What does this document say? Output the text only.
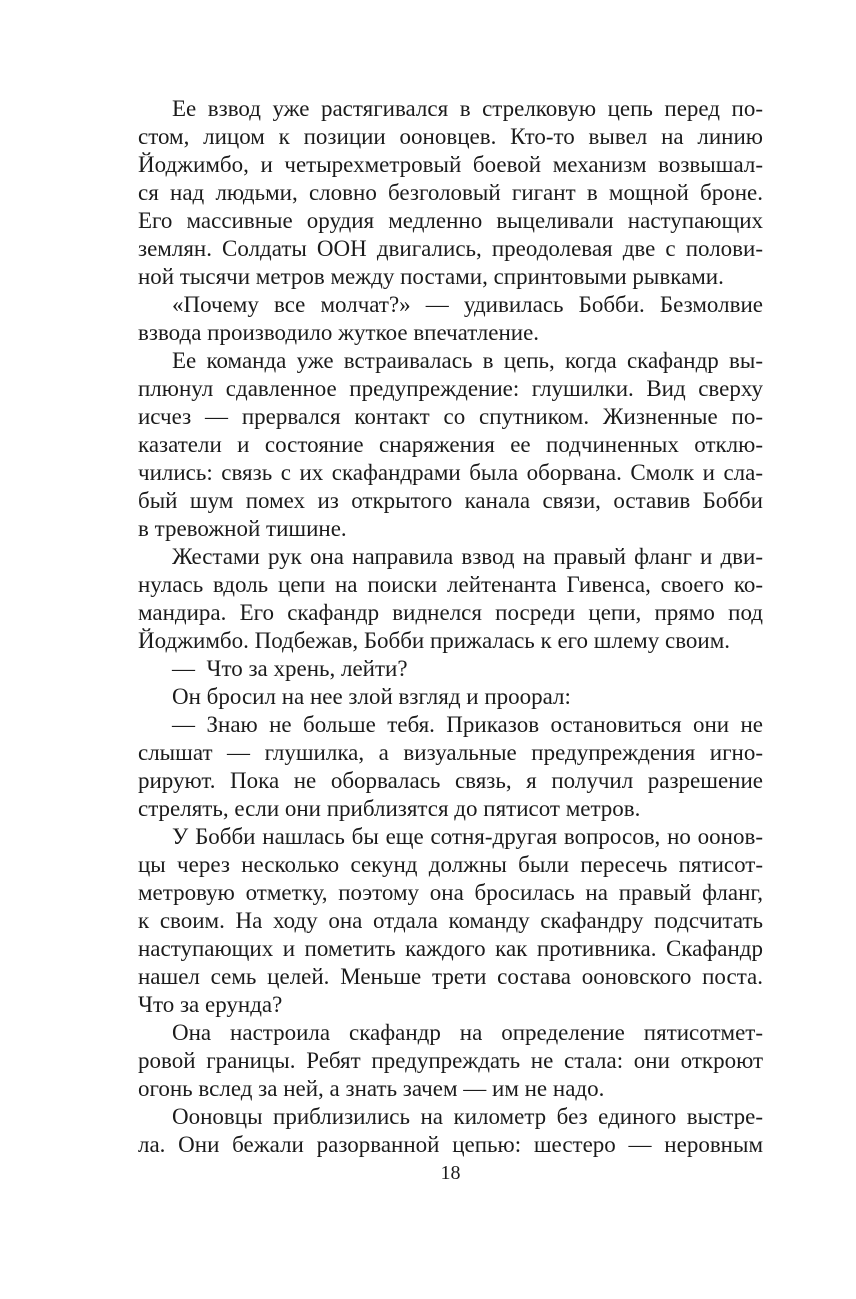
Ее взвод уже растягивался в стрелковую цепь перед по-
стом, лицом к позиции ооновцев. Кто-то вывел на линию
Йоджимбо, и четырехметровый боевой механизм возвышал-
ся над людьми, словно безголовый гигант в мощной броне.
Его массивные орудия медленно выцеливали наступающих
землян. Солдаты ООН двигались, преодолевая две с полови-
ной тысячи метров между постами, спринтовыми рывками.
«Почему все молчат?» — удивилась Бобби. Безмолвие
взвода производило жуткое впечатление.
Ее команда уже встраивалась в цепь, когда скафандр вы-
плюнул сдавленное предупреждение: глушилки. Вид сверху
исчез — прервался контакт со спутником. Жизненные по-
казатели и состояние снаряжения ее подчиненных отклю-
чились: связь с их скафандрами была оборвана. Смолк и сла-
бый шум помех из открытого канала связи, оставив Бобби
в тревожной тишине.
Жестами рук она направила взвод на правый фланг и дви-
нулась вдоль цепи на поиски лейтенанта Гивенса, своего ко-
мандира. Его скафандр виднелся посреди цепи, прямо под
Йоджимбо. Подбежав, Бобби прижалась к его шлему своим.
— Что за хрень, лейти?
Он бросил на нее злой взгляд и проорал:
— Знаю не больше тебя. Приказов остановиться они не
слышат — глушилка, а визуальные предупреждения игно-
рируют. Пока не оборвалась связь, я получил разрешение
стрелять, если они приблизятся до пятисот метров.
У Бобби нашлась бы еще сотня-другая вопросов, но оонов-
цы через несколько секунд должны были пересечь пятисот-
метровую отметку, поэтому она бросилась на правый фланг,
к своим. На ходу она отдала команду скафандру подсчитать
наступающих и пометить каждого как противника. Скафандр
нашел семь целей. Меньше трети состава ооновского поста.
Что за ерунда?
Она настроила скафандр на определение пятисотмет-
ровой границы. Ребят предупреждать не стала: они откроют
огонь вслед за ней, а знать зачем — им не надо.
Ооновцы приблизились на километр без единого выстре-
ла. Они бежали разорванной цепью: шестеро — неровным
18
